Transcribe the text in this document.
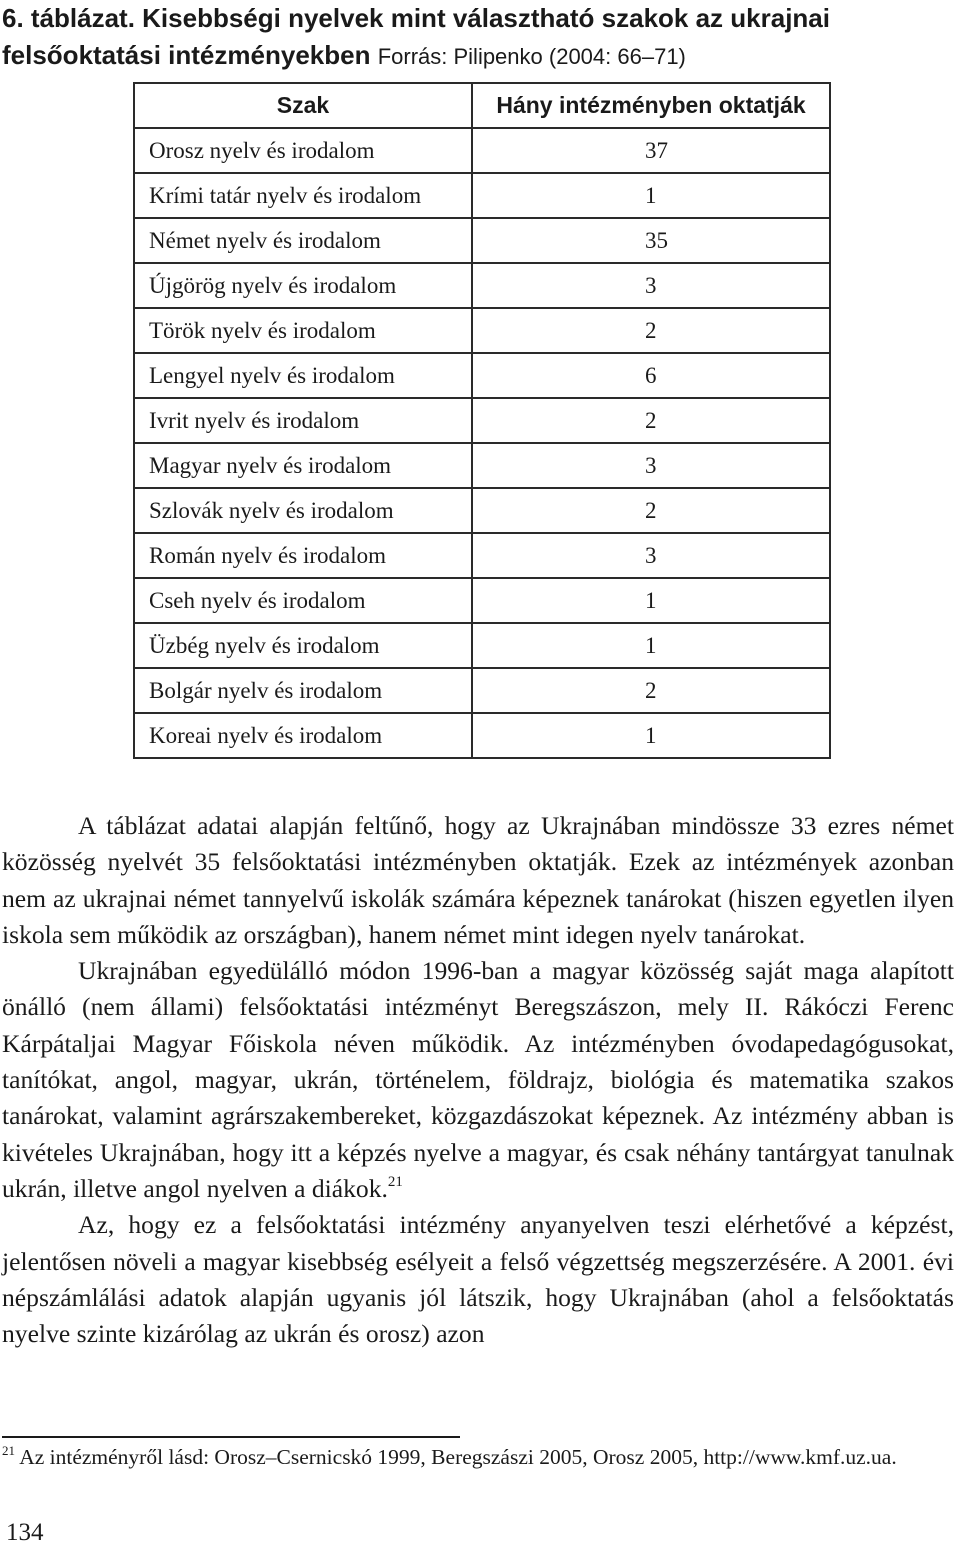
6. táblázat. Kisebbségi nyelvek mint választható szakok az ukrajnai felsőoktatási intézményekben Forrás: Pilipenko (2004: 66–71)
Szak	Hány intézményben oktatják
Orosz nyelv és irodalom	37
Krími tatár nyelv és irodalom	1
Német nyelv és irodalom	35
Újgörög nyelv és irodalom	3
Török nyelv és irodalom	2
Lengyel nyelv és irodalom	6
Ivrit nyelv és irodalom	2
Magyar nyelv és irodalom	3
Szlovák nyelv és irodalom	2
Román nyelv és irodalom	3
Cseh nyelv és irodalom	1
Üzbég nyelv és irodalom	1
Bolgár nyelv és irodalom	2
Koreai nyelv és irodalom	1

A táblázat adatai alapján feltűnő, hogy az Ukrajnában mindössze 33 ezres német közösség nyelvét 35 felsőoktatási intézményben oktatják. Ezek az intézmények azonban nem az ukrajnai német tannyelvű iskolák számára képeznek tanárokat (hiszen egyetlen ilyen iskola sem működik az országban), hanem német mint idegen nyelv tanárokat.

Ukrajnában egyedülálló módon 1996-ban a magyar közösség saját maga alapított önálló (nem állami) felsőoktatási intézményt Beregszászon, mely II. Rákóczi Ferenc Kárpátaljai Magyar Főiskola néven működik. Az intézményben óvodapedagógusokat, tanítókat, angol, magyar, ukrán, történelem, földrajz, biológia és matematika szakos tanárokat, valamint agrárszakembereket, közgazdászokat képeznek. Az intézmény abban is kivételes Ukrajnában, hogy itt a képzés nyelve a magyar, és csak néhány tantárgyat tanulnak ukrán, illetve angol nyelven a diákok.$^{21}$

Az, hogy ez a felsőoktatási intézmény anyanyelven teszi elérhetővé a képzést, jelentősen növeli a magyar kisebbség esélyeit a felső végzettség megszerzésére. A 2001. évi népszámlálási adatok alapján ugyanis jól látszik, hogy Ukrajnában (ahol a felsőoktatás nyelve szinte kizárólag az ukrán és orosz) azon

$^{21}$ Az intézményről lásd: Orosz–Csernicskó 1999, Beregszászi 2005, Orosz 2005, http://www.kmf.uz.ua.
134
